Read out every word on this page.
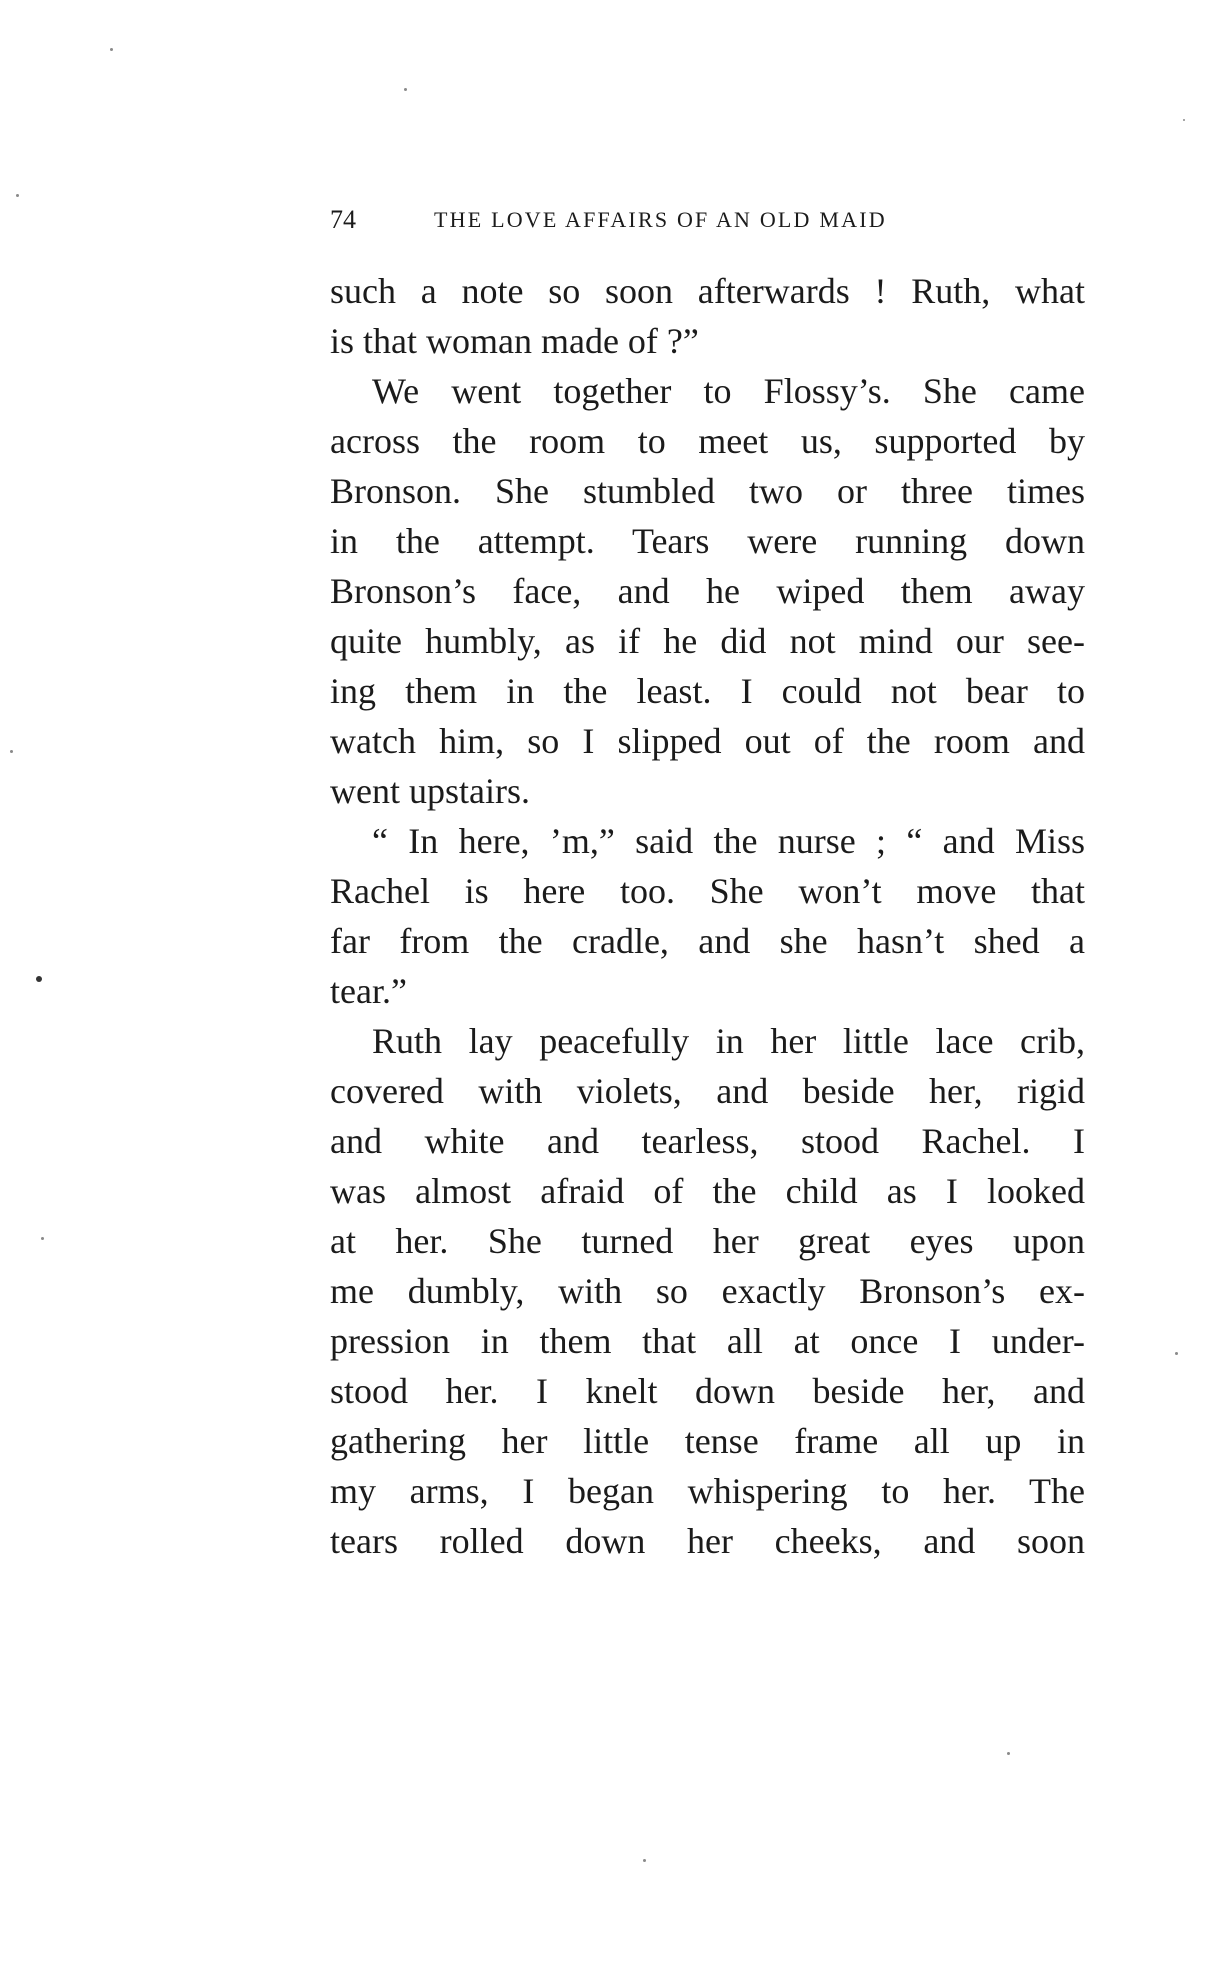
74	THE LOVE AFFAIRS OF AN OLD MAID
such a note so soon afterwards ! Ruth, what
is that woman made of ?”
We went together to Flossy’s. She came
across the room to meet us, supported by
Bronson. She stumbled two or three times
in the attempt. Tears were running down
Bronson’s face, and he wiped them away
quite humbly, as if he did not mind our see-
ing them in the least. I could not bear to
watch him, so I slipped out of the room and
went upstairs.
“ In here, ’m,” said the nurse ; “ and Miss
Rachel is here too. She won’t move that
far from the cradle, and she hasn’t shed a
tear.”
Ruth lay peacefully in her little lace crib,
covered with violets, and beside her, rigid
and white and tearless, stood Rachel. I
was almost afraid of the child as I looked
at her. She turned her great eyes upon
me dumbly, with so exactly Bronson’s ex-
pression in them that all at once I under-
stood her. I knelt down beside her, and
gathering her little tense frame all up in
my arms, I began whispering to her. The
tears rolled down her cheeks, and soon
